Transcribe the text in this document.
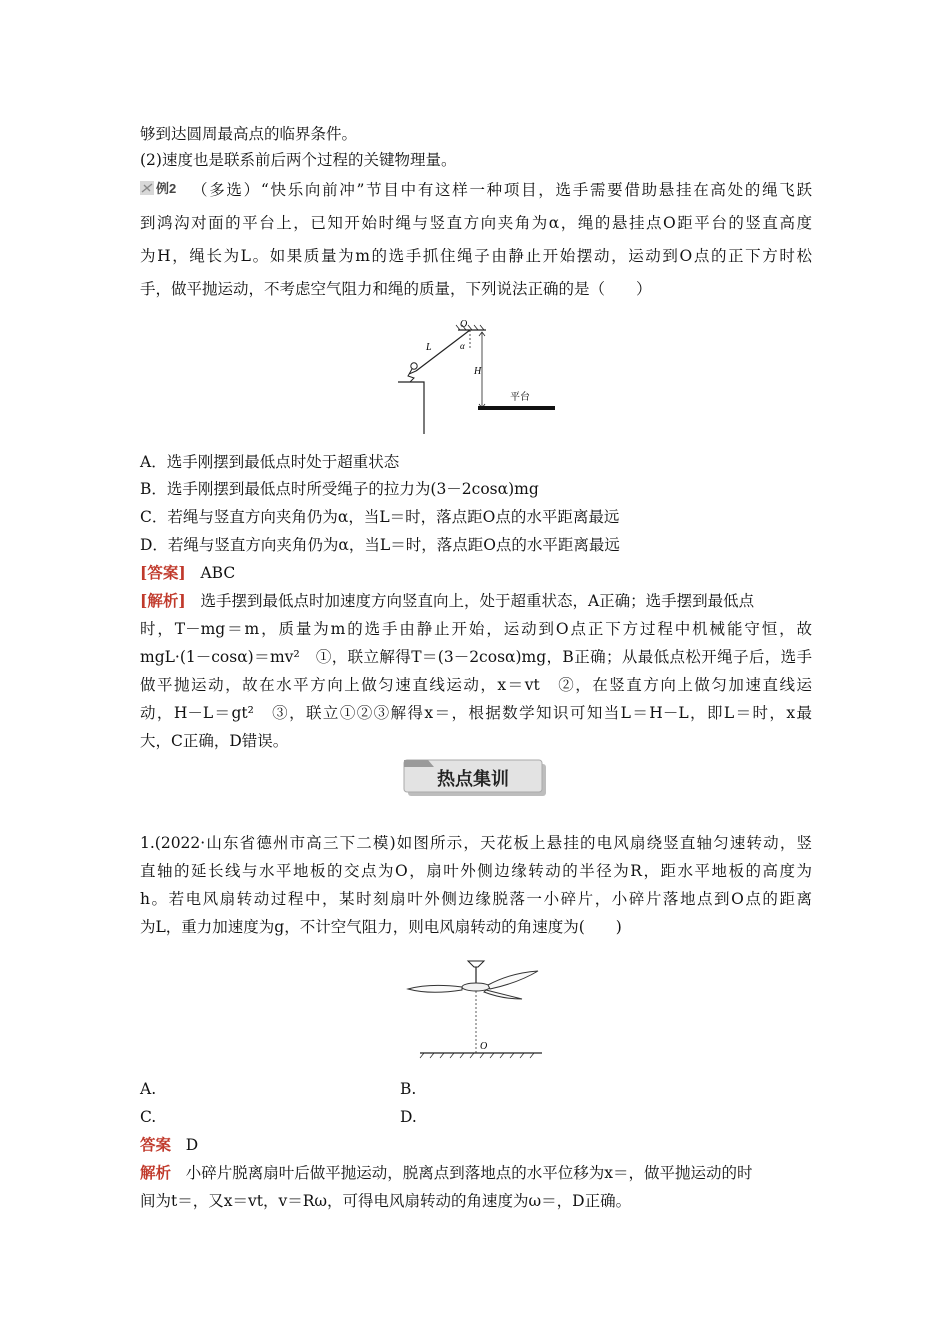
够到达圆周最高点的临界条件。
(2)速度也是联系前后两个过程的关键物理量。
例2 （多选）“快乐向前冲”节目中有这样一种项目，选手需要借助悬挂在高处的绳飞跃
到鸿沟对面的平台上，已知开始时绳与竖直方向夹角为α，绳的悬挂点O距平台的竖直高度
为H，绳长为L。如果质量为m的选手抓住绳子由静止开始摆动，运动到O点的正下方时松
手，做平抛运动，不考虑空气阻力和绳的质量，下列说法正确的是（　　）
O
L	α
H
平台
A．选手刚摆到最低点时处于超重状态
B．选手刚摆到最低点时所受绳子的拉力为(3－2cosα)mg
C．若绳与竖直方向夹角仍为α，当L＝时，落点距O点的水平距离最远
D．若绳与竖直方向夹角仍为α，当L＝时，落点距O点的水平距离最远
[答案] ABC
[解析] 选手摆到最低点时加速度方向竖直向上，处于超重状态，A正确；选手摆到最低点
时，T－mg＝m，质量为m的选手由静止开始，运动到O点正下方过程中机械能守恒，故
mgL·(1－cosα)＝mv²　①，联立解得T＝(3－2cosα)mg，B正确；从最低点松开绳子后，选手
做平抛运动，故在水平方向上做匀速直线运动，x＝vt　②，在竖直方向上做匀加速直线运
动，H－L＝gt²　③，联立①②③解得x＝，根据数学知识可知当L＝H－L，即L＝时，x最
大，C正确，D错误。
热点集训
1.(2022·山东省德州市高三下二模)如图所示，天花板上悬挂的电风扇绕竖直轴匀速转动，竖
直轴的延长线与水平地板的交点为O，扇叶外侧边缘转动的半径为R，距水平地板的高度为
h。若电风扇转动过程中，某时刻扇叶外侧边缘脱落一小碎片，小碎片落地点到O点的距离
为L，重力加速度为g，不计空气阻力，则电风扇转动的角速度为(　　)
O
A.	B.
C.	D.
答案 D
解析 小碎片脱离扇叶后做平抛运动，脱离点到落地点的水平位移为x＝，做平抛运动的时
间为t＝，又x＝vt，v＝Rω，可得电风扇转动的角速度为ω＝，D正确。
